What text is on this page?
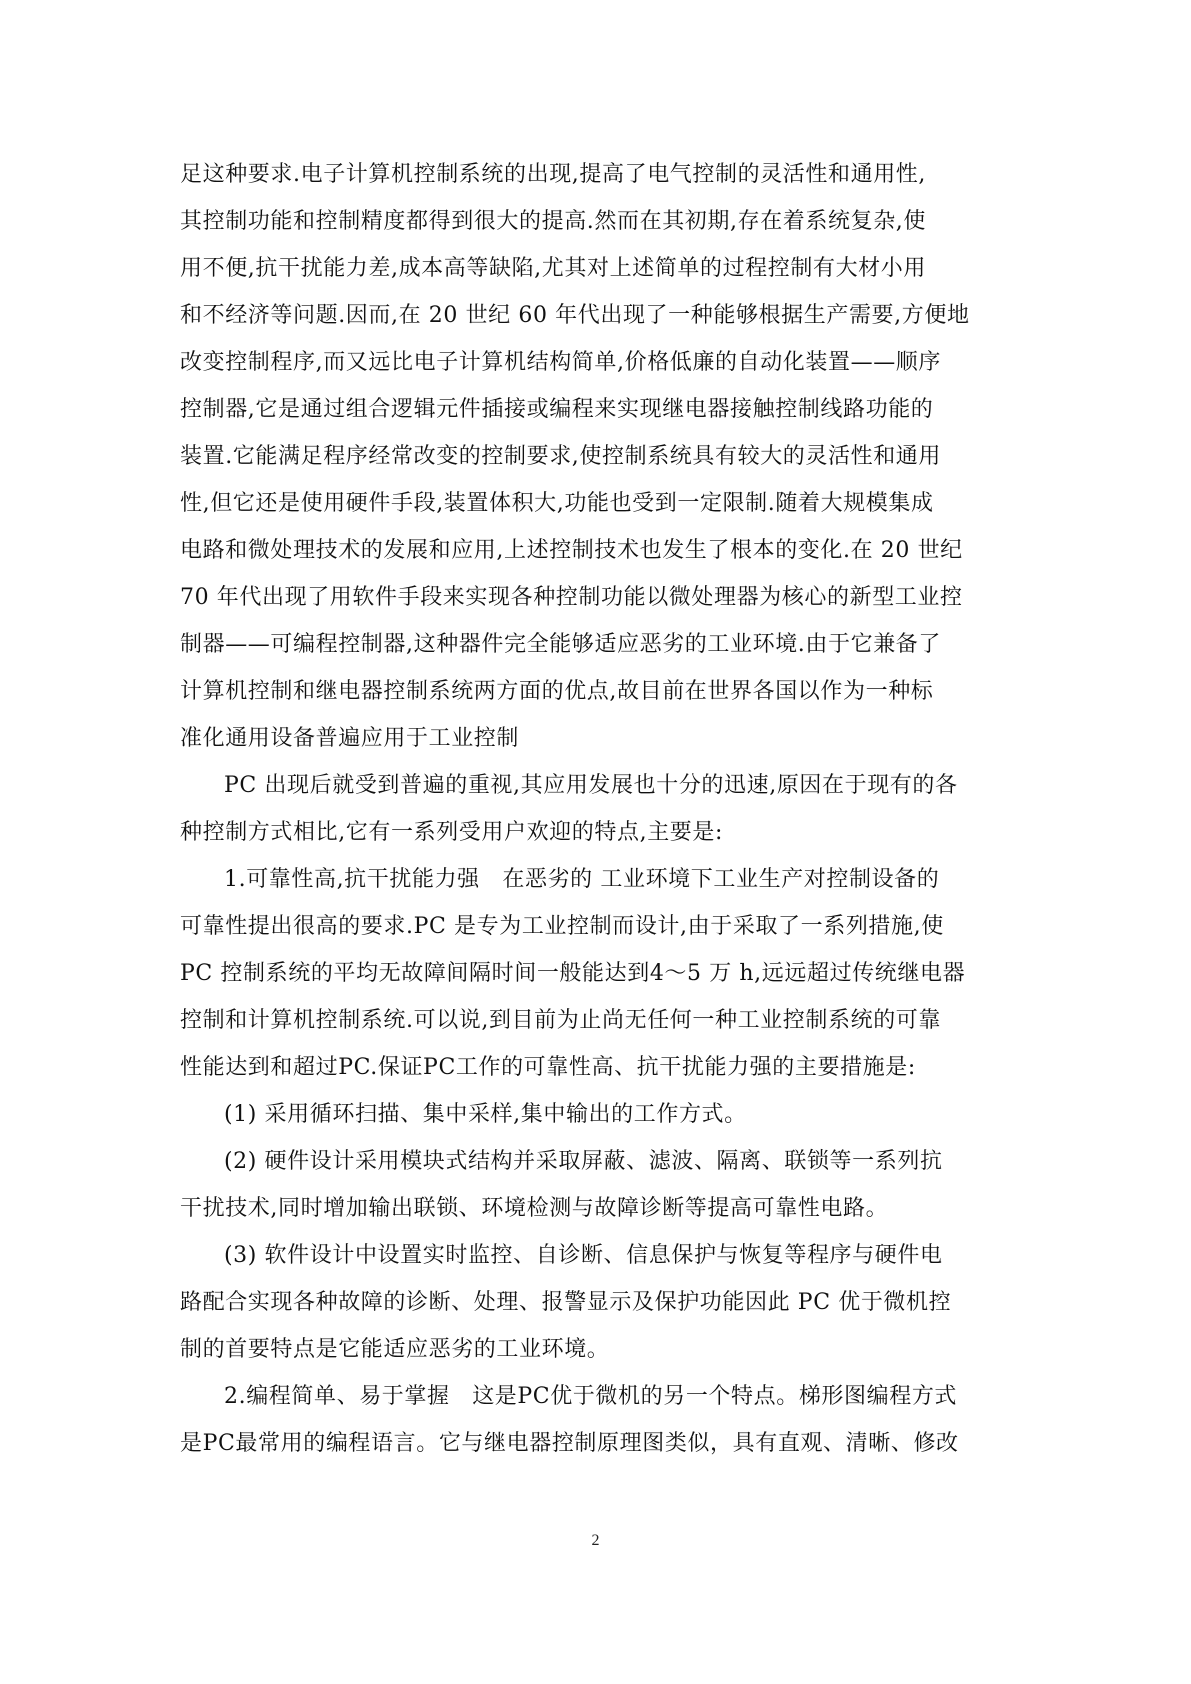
足这种要求.电子计算机控制系统的出现,提高了电气控制的灵活性和通用性,
其控制功能和控制精度都得到很大的提高.然而在其初期,存在着系统复杂,使
用不便,抗干扰能力差,成本高等缺陷,尤其对上述简单的过程控制有大材小用
和不经济等问题.因而,在 20 世纪 60 年代出现了一种能够根据生产需要,方便地
改变控制程序,而又远比电子计算机结构简单,价格低廉的自动化装置——顺序
控制器,它是通过组合逻辑元件插接或编程来实现继电器接触控制线路功能的
装置.它能满足程序经常改变的控制要求,使控制系统具有较大的灵活性和通用
性,但它还是使用硬件手段,装置体积大,功能也受到一定限制.随着大规模集成
电路和微处理技术的发展和应用,上述控制技术也发生了根本的变化.在 20 世纪
70 年代出现了用软件手段来实现各种控制功能以微处理器为核心的新型工业控
制器——可编程控制器,这种器件完全能够适应恶劣的工业环境.由于它兼备了
计算机控制和继电器控制系统两方面的优点,故目前在世界各国以作为一种标
准化通用设备普遍应用于工业控制
PC 出现后就受到普遍的重视,其应用发展也十分的迅速,原因在于现有的各
种控制方式相比,它有一系列受用户欢迎的特点,主要是:
1.可靠性高,抗干扰能力强　在恶劣的 工业环境下工业生产对控制设备的
可靠性提出很高的要求.PC 是专为工业控制而设计,由于采取了一系列措施,使
PC 控制系统的平均无故障间隔时间一般能达到4～5 万 h,远远超过传统继电器
控制和计算机控制系统.可以说,到目前为止尚无任何一种工业控制系统的可靠
性能达到和超过PC.保证PC工作的可靠性高、抗干扰能力强的主要措施是:
(1) 采用循环扫描、集中采样,集中输出的工作方式。
(2) 硬件设计采用模块式结构并采取屏蔽、滤波、隔离、联锁等一系列抗
干扰技术,同时增加输出联锁、环境检测与故障诊断等提高可靠性电路。
(3) 软件设计中设置实时监控、自诊断、信息保护与恢复等程序与硬件电
路配合实现各种故障的诊断、处理、报警显示及保护功能因此 PC 优于微机控
制的首要特点是它能适应恶劣的工业环境。
2.编程简单、易于掌握　这是PC优于微机的另一个特点。梯形图编程方式
是PC最常用的编程语言。它与继电器控制原理图类似，具有直观、清晰、修改
2
